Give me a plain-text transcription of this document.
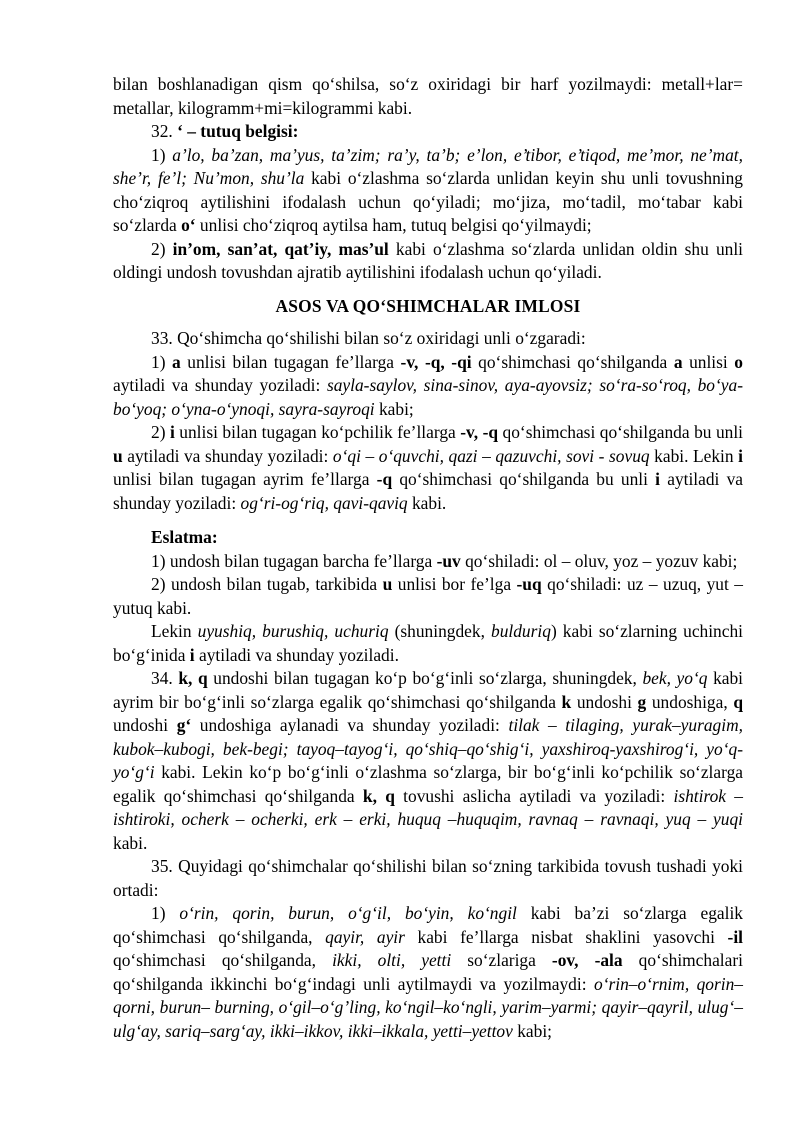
bilan boshlanadigan qism qo‘shilsa, so‘z oxiridagi bir harf yozilmaydi: metall+lar= metallar, kilogramm+mi=kilogrammi kabi.

32. ‘ – tutuq belgisi:

1) a’lo, ba’zan, ma’yus, ta’zim; ra’y, ta’b; e’lon, e’tibor, e’tiqod, me’mor, ne’mat, she’r, fe’l; Nu’mon, shu’la kabi o‘zlashma so‘zlarda unlidan keyin shu unli tovushning cho‘ziqroq aytilishini ifodalash uchun qo‘yiladi; mo‘jiza, mo‘tadil, mo‘tabar kabi so‘zlarda o‘ unlisi cho‘ziqroq aytilsa ham, tutuq belgisi qo‘yilmaydi;

2) in’om, san’at, qat’iy, mas’ul kabi o‘zlashma so‘zlarda unlidan oldin shu unli oldingi undosh tovushdan ajratib aytilishini ifodalash uchun qo‘yiladi.

ASOS VA QO‘SHIMCHALAR IMLOSI

33. Qo‘shimcha qo‘shilishi bilan so‘z oxiridagi unli o‘zgaradi:

1) a unlisi bilan tugagan fe’llarga -v, -q, -qi qo‘shimchasi qo‘shilganda a unlisi o aytiladi va shunday yoziladi: sayla-saylov, sina-sinov, aya-ayovsiz; so‘ra-so‘roq, bo‘ya-bo‘yoq; o‘yna-o‘ynoqi, sayra-sayroqi kabi;

2) i unlisi bilan tugagan ko‘pchilik fe’llarga -v, -q qo‘shimchasi qo‘shilganda bu unli u aytiladi va shunday yoziladi: o‘qi – o‘quvchi, qazi – qazuvchi, sovi - sovuq kabi. Lekin i unlisi bilan tugagan ayrim fe’llarga -q qo‘shimchasi qo‘shilganda bu unli i aytiladi va shunday yoziladi: og‘ri-og‘riq, qavi-qaviq kabi.

Eslatma:

1) undosh bilan tugagan barcha fe’llarga -uv qo‘shiladi: ol – oluv, yoz – yozuv kabi;

2) undosh bilan tugab, tarkibida u unlisi bor fe’lga -uq qo‘shiladi: uz – uzuq, yut – yutuq kabi.

Lekin uyushiq, burushiq, uchuriq (shuningdek, bulduriq) kabi so‘zlarning uchinchi bo‘g‘inida i aytiladi va shunday yoziladi.

34. k, q undoshi bilan tugagan ko‘p bo‘g‘inli so‘zlarga, shuningdek, bek, yo‘q kabi ayrim bir bo‘g‘inli so‘zlarga egalik qo‘shimchasi qo‘shilganda k undoshi g undoshiga, q undoshi g‘ undoshiga aylanadi va shunday yoziladi: tilak – tilaging, yurak–yuragim, kubok–kubogi, bek-begi; tayoq–tayog‘i, qo‘shiq–qo‘shig‘i, yaxshiroq-yaxshirog‘i, yo‘q-yo‘g‘i kabi. Lekin ko‘p bo‘g‘inli o‘zlashma so‘zlarga, bir bo‘g‘inli ko‘pchilik so‘zlarga egalik qo‘shimchasi qo‘shilganda k, q tovushi aslicha aytiladi va yoziladi: ishtirok – ishtiroki, ocherk – ocherki, erk – erki, huquq –huquqim, ravnaq – ravnaqi, yuq – yuqi kabi.

35. Quyidagi qo‘shimchalar qo‘shilishi bilan so‘zning tarkibida tovush tushadi yoki ortadi:

1) o‘rin, qorin, burun, o‘g‘il, bo‘yin, ko‘ngil kabi ba’zi so‘zlarga egalik qo‘shimchasi qo‘shilganda, qayir, ayir kabi fe’llarga nisbat shaklini yasovchi -il qo‘shimchasi qo‘shilganda, ikki, olti, yetti so‘zlariga -ov, -ala qo‘shimchalari qo‘shilganda ikkinchi bo‘g‘indagi unli aytilmaydi va yozilmaydi: o‘rin–o‘rnim, qorin–qorni, burun– burning, o‘gil–o‘g’ling, ko‘ngil–ko‘ngli, yarim–yarmi; qayir–qayril, ulug‘– ulg‘ay, sariq–sarg‘ay, ikki–ikkov, ikki–ikkala, yetti–yettov kabi;
